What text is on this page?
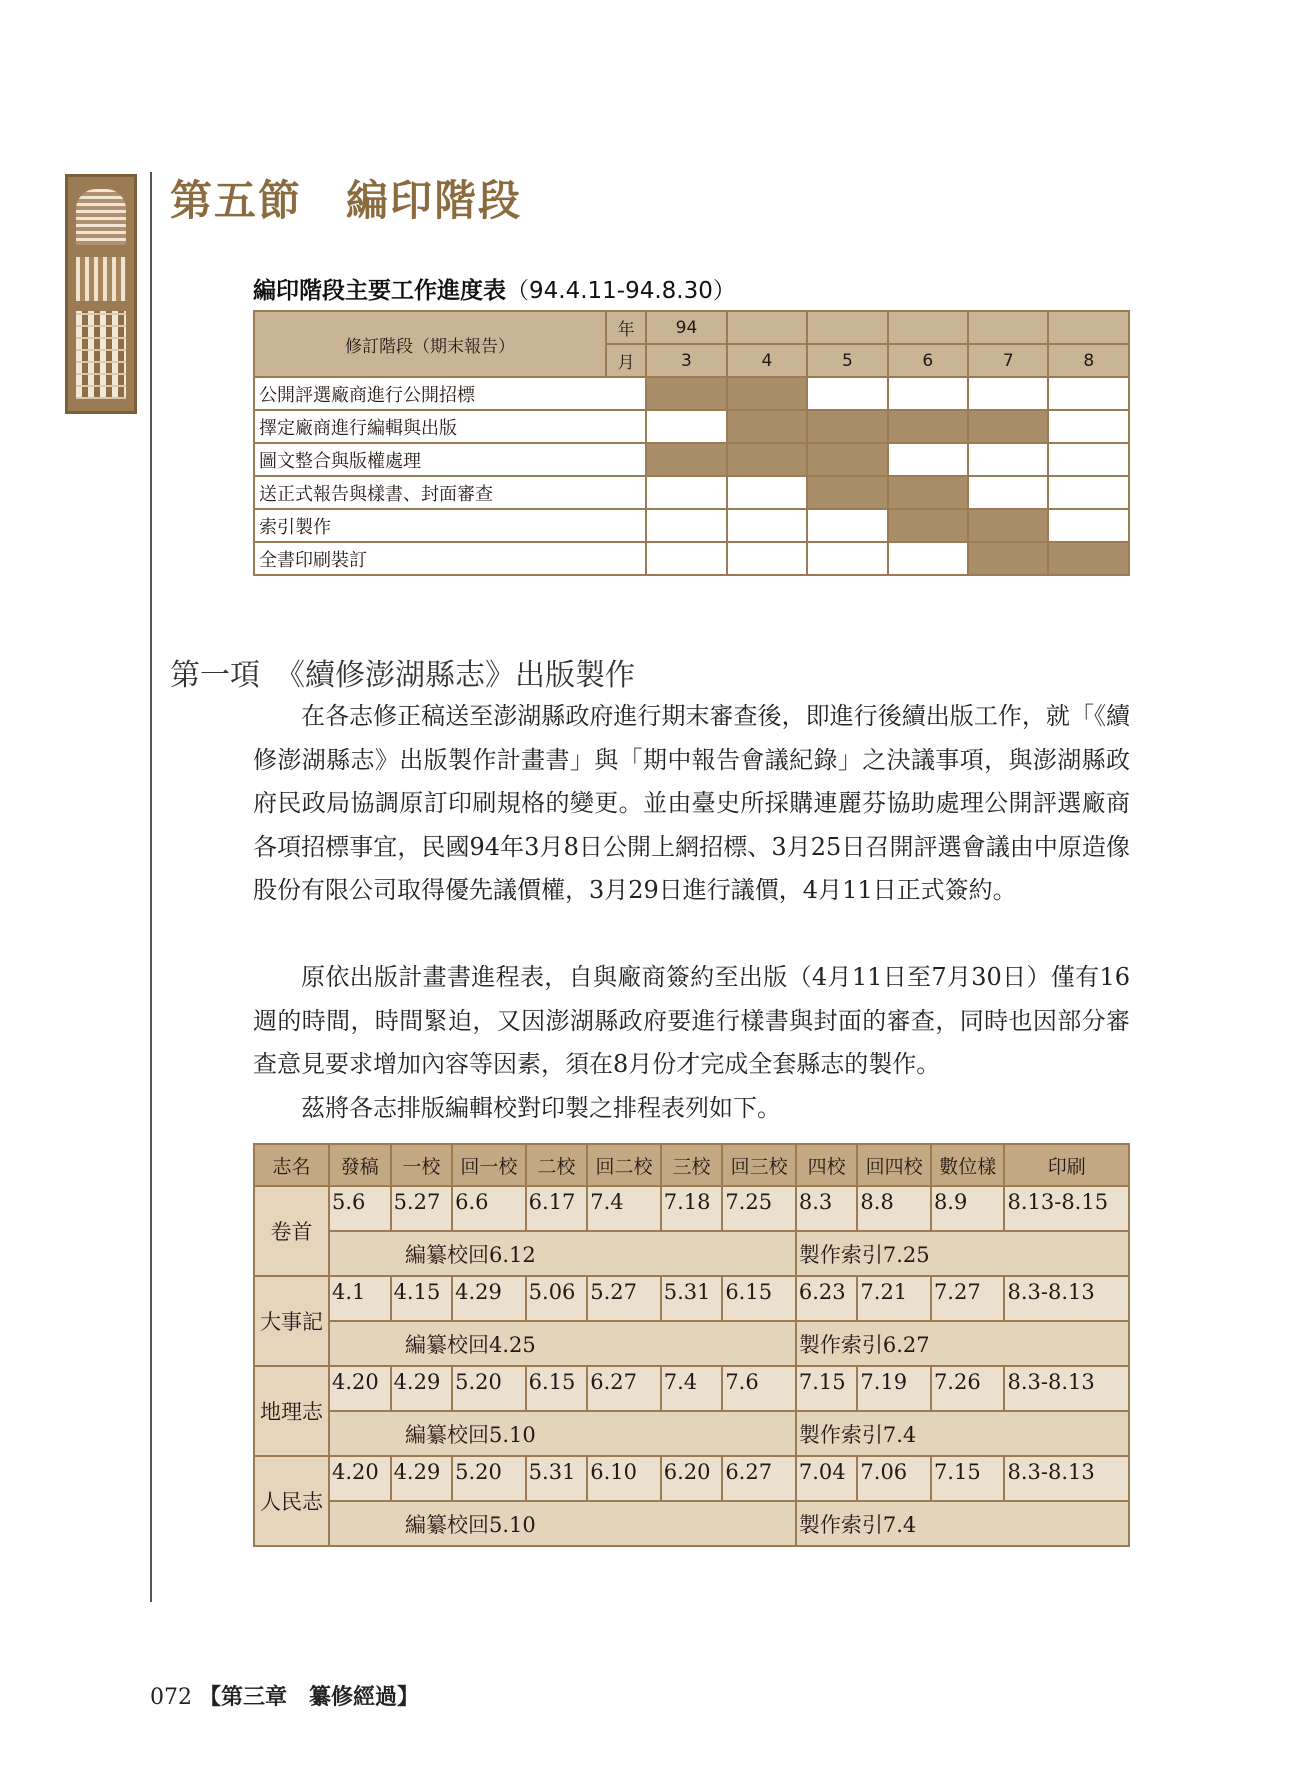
第五節　編印階段
編印階段主要工作進度表（94.4.11-94.8.30）
修訂階段（期末報告）	年	94					
	月	3	4	5	6	7	8
公開評選廠商進行公開招標							
擇定廠商進行編輯與出版							
圖文整合與版權處理							
送正式報告與樣書、封面審查							
索引製作							
全書印刷裝訂							
第一項　《續修澎湖縣志》出版製作
在各志修正稿送至澎湖縣政府進行期末審查後，即進行後續出版工作，就「《續修澎湖縣志》出版製作計畫書」與「期中報告會議紀錄」之決議事項，與澎湖縣政府民政局協調原訂印刷規格的變更。並由臺史所採購連麗芬協助處理公開評選廠商各項招標事宜，民國94年3月8日公開上網招標、3月25日召開評選會議由中原造像股份有限公司取得優先議價權，3月29日進行議價，4月11日正式簽約。
原依出版計畫書進程表，自與廠商簽約至出版（4月11日至7月30日）僅有16週的時間，時間緊迫，又因澎湖縣政府要進行樣書與封面的審查，同時也因部分審查意見要求增加內容等因素，須在8月份才完成全套縣志的製作。
茲將各志排版編輯校對印製之排程表列如下。
志名	發稿	一校	回一校	二校	回二校	三校	回三校	四校	回四校	數位樣	印刷
卷首	5.6	5.27	6.6	6.17	7.4	7.18	7.25	8.3	8.8	8.9	8.13-8.15
	編纂校回6.12							製作索引7.25			
大事記	4.1	4.15	4.29	5.06	5.27	5.31	6.15	6.23	7.21	7.27	8.3-8.13
	編纂校回4.25							製作索引6.27			
地理志	4.20	4.29	5.20	6.15	6.27	7.4	7.6	7.15	7.19	7.26	8.3-8.13
	編纂校回5.10							製作索引7.4			
人民志	4.20	4.29	5.20	5.31	6.10	6.20	6.27	7.04	7.06	7.15	8.3-8.13
	編纂校回5.10							製作索引7.4			
072 【第三章　纂修經過】
